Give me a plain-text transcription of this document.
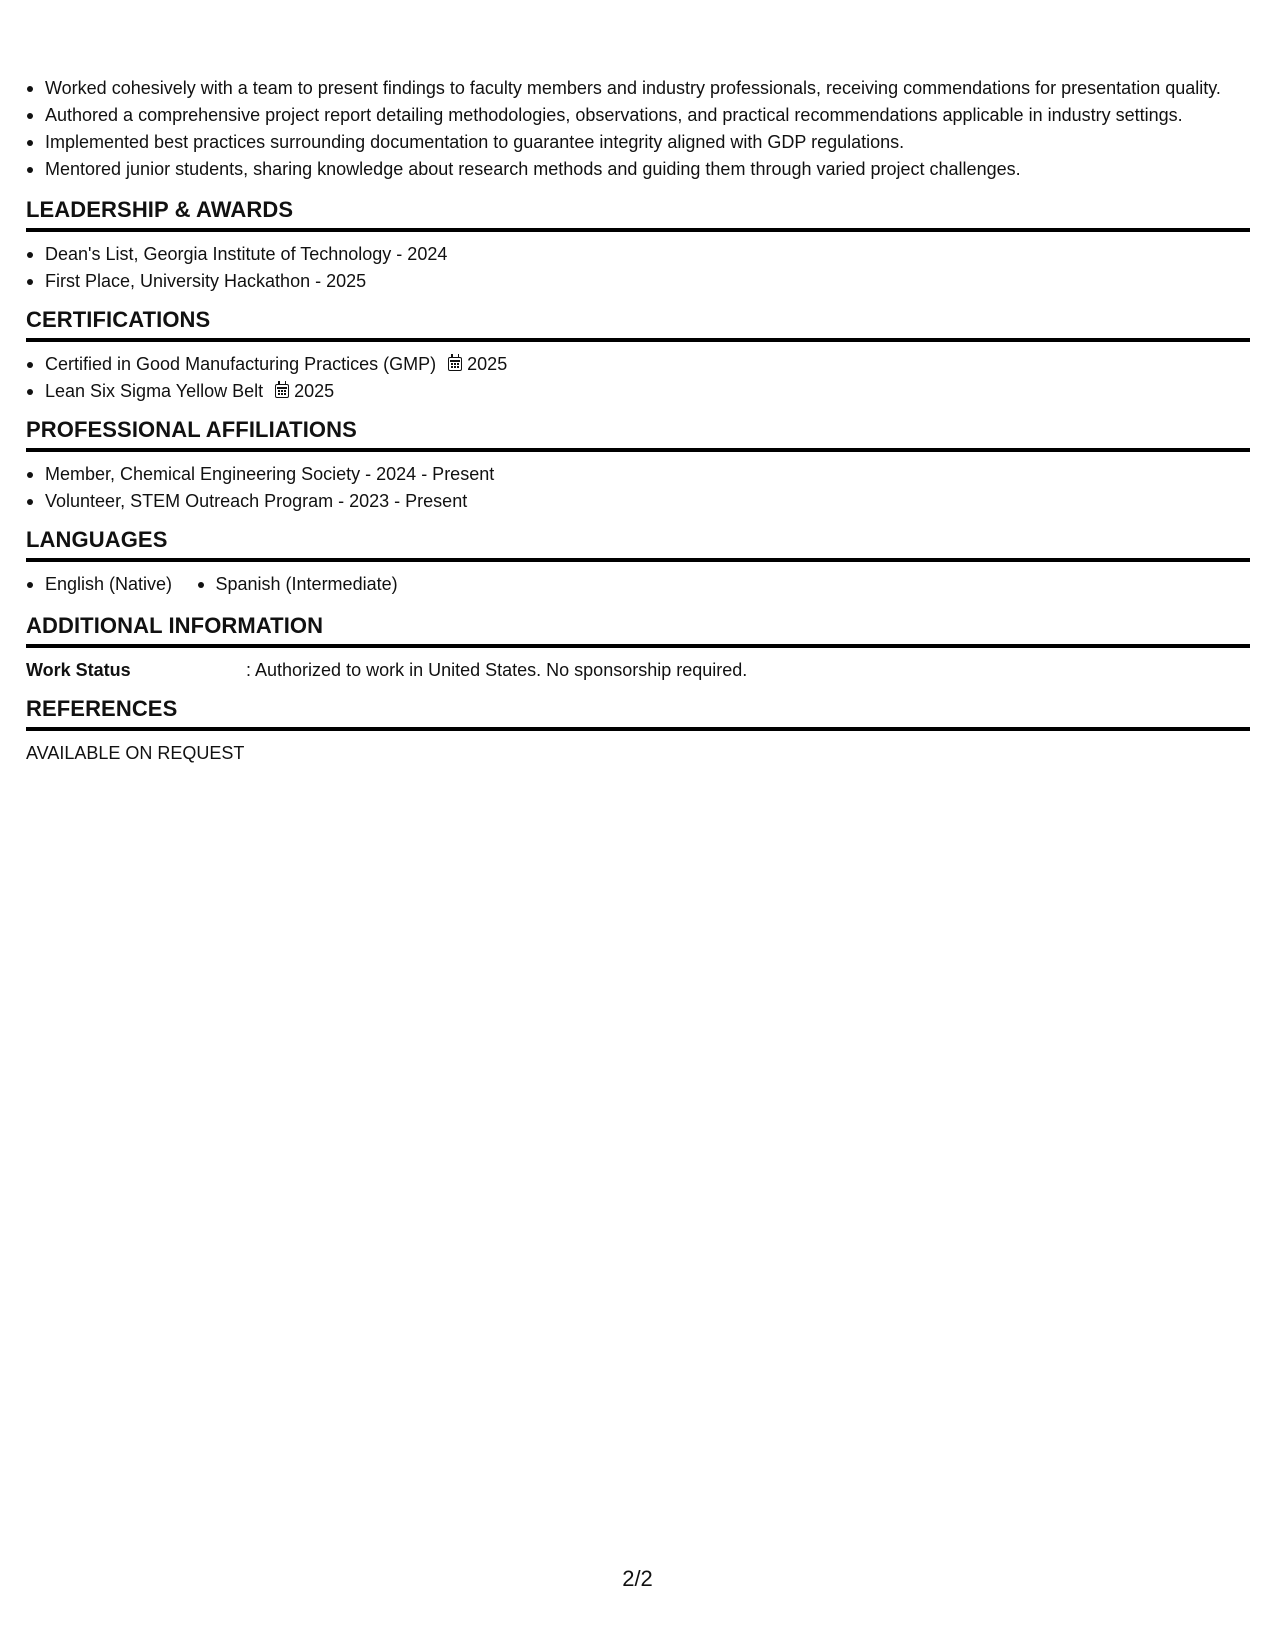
Worked cohesively with a team to present findings to faculty members and industry professionals, receiving commendations for presentation quality.
Authored a comprehensive project report detailing methodologies, observations, and practical recommendations applicable in industry settings.
Implemented best practices surrounding documentation to guarantee integrity aligned with GDP regulations.
Mentored junior students, sharing knowledge about research methods and guiding them through varied project challenges.
LEADERSHIP & AWARDS
Dean's List, Georgia Institute of Technology - 2024
First Place, University Hackathon - 2025
CERTIFICATIONS
Certified in Good Manufacturing Practices (GMP) 2025
Lean Six Sigma Yellow Belt 2025
PROFESSIONAL AFFILIATIONS
Member, Chemical Engineering Society - 2024 - Present
Volunteer, STEM Outreach Program - 2023 - Present
LANGUAGES
English (Native) Spanish (Intermediate)
ADDITIONAL INFORMATION
Work Status	: Authorized to work in United States. No sponsorship required.
REFERENCES
AVAILABLE ON REQUEST
2/2
